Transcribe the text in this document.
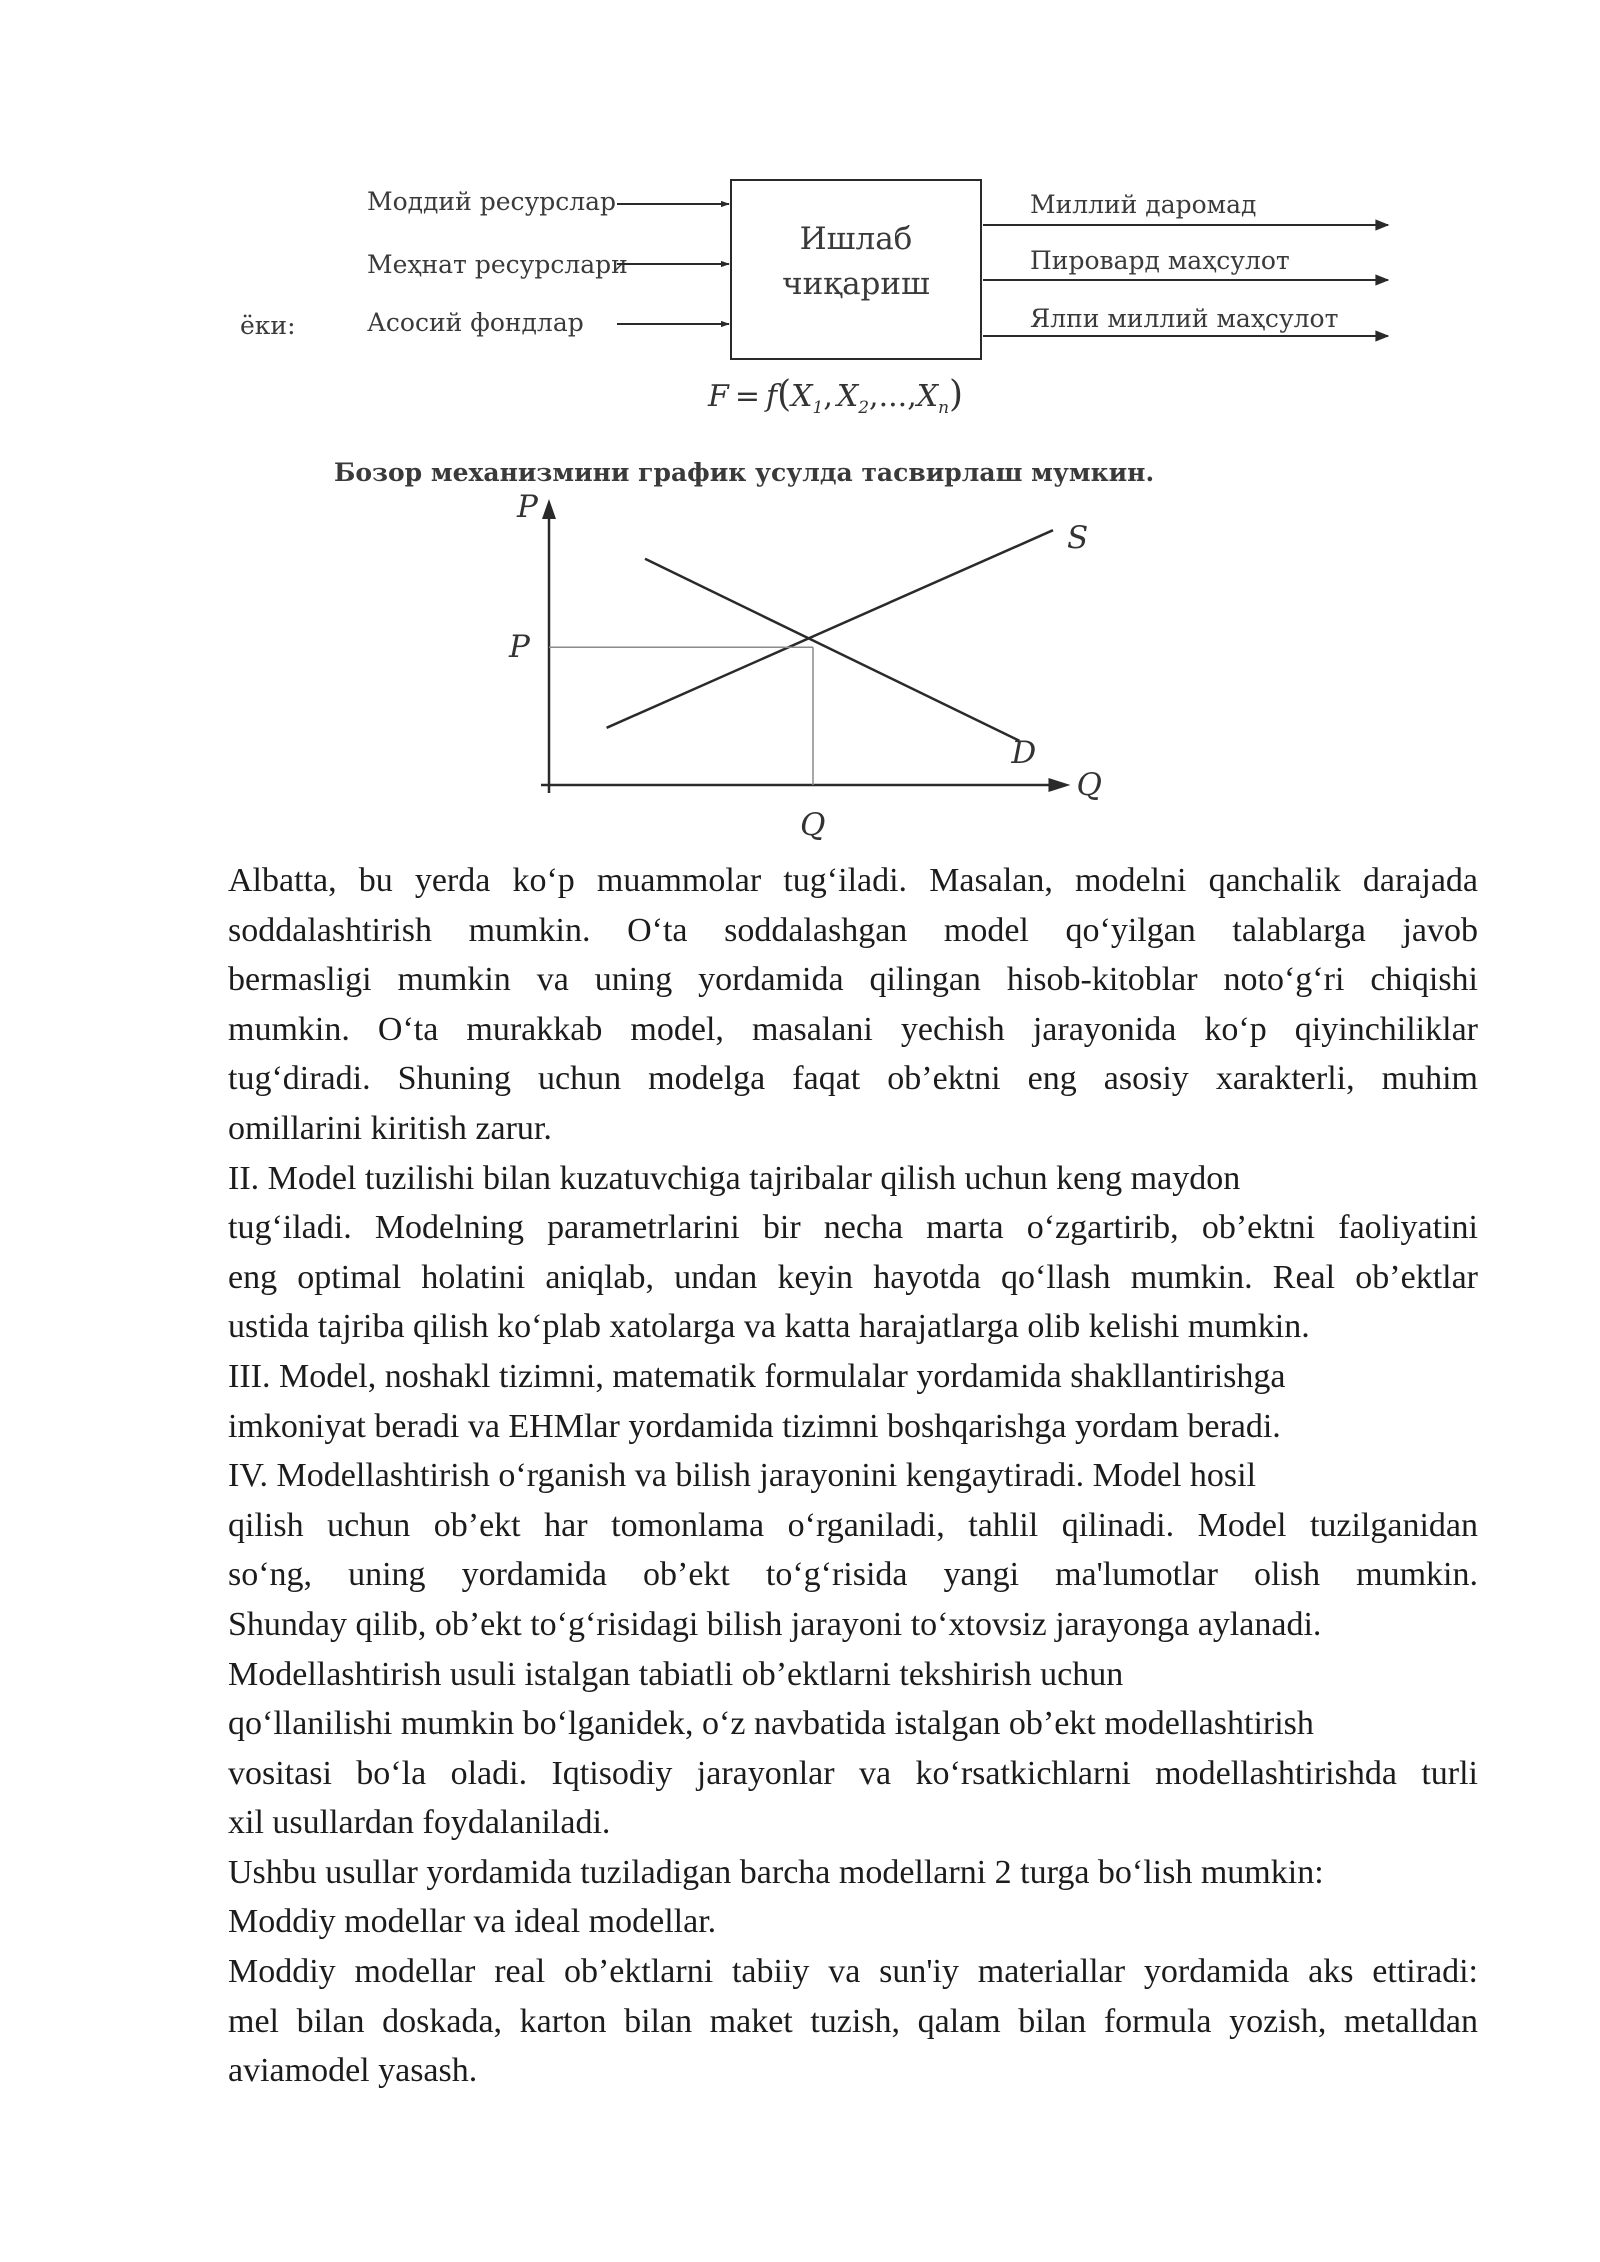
Моддий ресурслар
Меҳнат ресурслари
Асосий фондлар
ёки:
Ишлаб
чиқариш
Миллий даромад
Пировард маҳсулот
Ялпи миллий маҳсулот
$F = f(X_1$, $X_2,...,X_n$)
P
Q
P
Q
S
D
Бозор механизмини график усулда тасвирлаш мумкин.

Albatta, bu yerda ko‘p muammolar tug‘iladi. Masalan, modelni qanchalik darajada

soddalashtirish mumkin. O‘ta soddalashgan model qo‘yilgan talablarga javob

bermasligi mumkin va uning yordamida qilingan hisob-kitoblar noto‘g‘ri chiqishi

mumkin. O‘ta murakkab model, masalani yechish jarayonida ko‘p qiyinchiliklar

tug‘diradi. Shuning uchun modelga faqat ob’ektni eng asosiy xarakterli, muhim

omillarini kiritish zarur.

II. Model tuzilishi bilan kuzatuvchiga tajribalar qilish uchun keng maydon

tug‘iladi. Modelning parametrlarini bir necha marta o‘zgartirib, ob’ektni faoliyatini

eng optimal holatini aniqlab, undan keyin hayotda qo‘llash mumkin. Real ob’ektlar

ustida tajriba qilish ko‘plab xatolarga va katta harajatlarga olib kelishi mumkin.

III. Model, noshakl tizimni, matematik formulalar yordamida shakllantirishga

imkoniyat beradi va EHMlar yordamida tizimni boshqarishga yordam beradi.

IV. Modellashtirish o‘rganish va bilish jarayonini kengaytiradi. Model hosil

qilish uchun ob’ekt har tomonlama o‘rganiladi, tahlil qilinadi. Model tuzilganidan

so‘ng, uning yordamida ob’ekt to‘g‘risida yangi ma'lumotlar olish mumkin.

Shunday qilib, ob’ekt to‘g‘risidagi bilish jarayoni to‘xtovsiz jarayonga aylanadi.

Modellashtirish usuli istalgan tabiatli ob’ektlarni tekshirish uchun

qo‘llanilishi mumkin bo‘lganidek, o‘z navbatida istalgan ob’ekt modellashtirish

vositasi bo‘la oladi. Iqtisodiy jarayonlar va ko‘rsatkichlarni modellashtirishda turli

xil usullardan foydalaniladi.

Ushbu usullar yordamida tuziladigan barcha modellarni 2 turga bo‘lish mumkin:

Moddiy modellar va ideal modellar.

Moddiy modellar real ob’ektlarni tabiiy va sun'iy materiallar yordamida aks ettiradi:

mel bilan doskada, karton bilan maket tuzish, qalam bilan formula yozish, metalldan

aviamodel yasash.
